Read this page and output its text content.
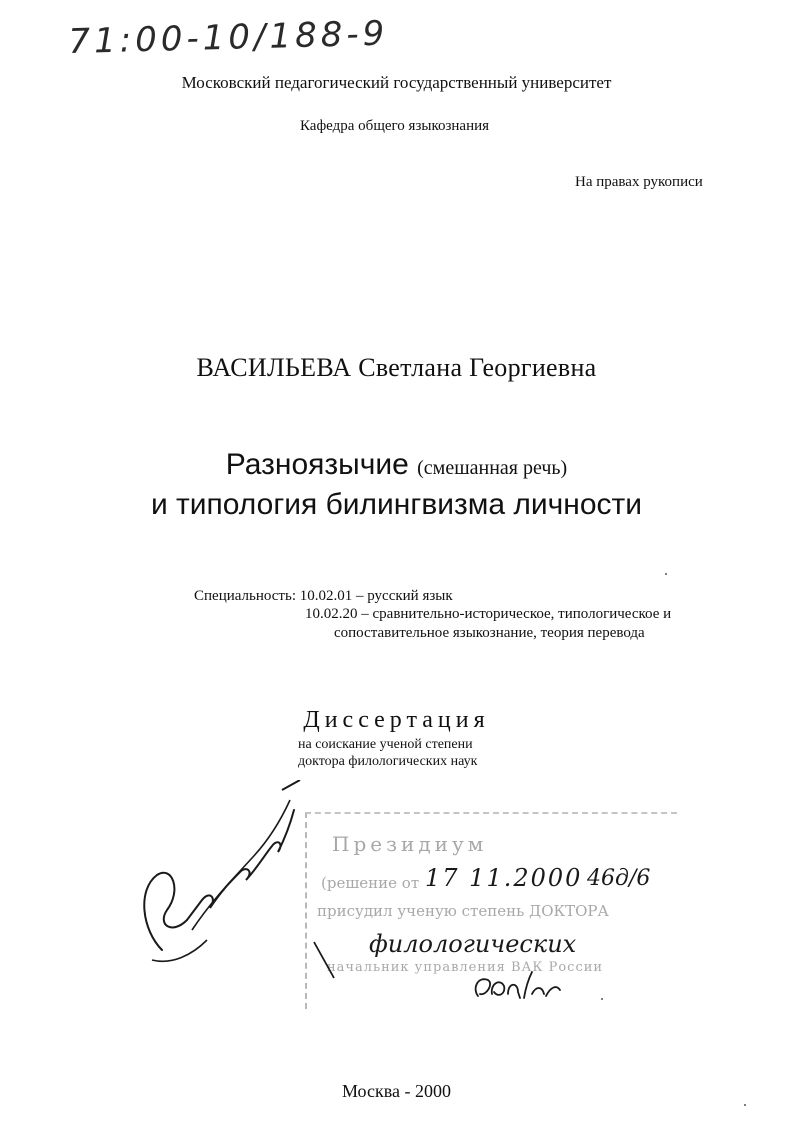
71:00-10/188-9
Московский педагогический государственный университет
Кафедра общего языкознания
На правах рукописи
ВАСИЛЬЕВА Светлана Георгиевна
Разноязычие (смешанная речь)
и типология билингвизма личности
Специальность: 10.02.01 – русский язык
10.02.20 – сравнительно-историческое, типологическое и
сопоставительное языкознание, теория перевода
Диссертация
на соискание ученой степени
доктора филологических наук
Президиум
(решение от 17 11.2000 46д/6
присудил ученую степень ДОКТОРА
филологических
начальник управления ВАК России
Москва - 2000
